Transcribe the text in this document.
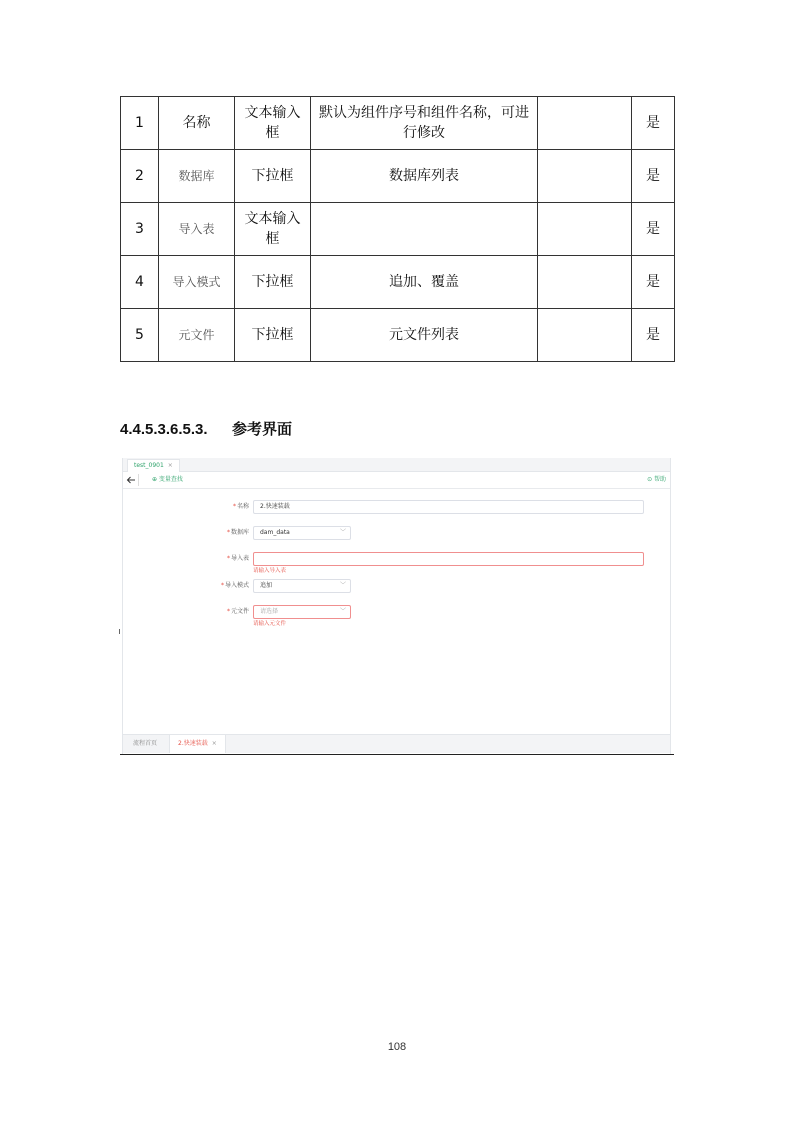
1	名称	文本输入框	默认为组件序号和组件名称，可进行修改		是
2	数据库	下拉框	数据库列表		是
3	导入表	文本输入框			是
4	导入模式	下拉框	追加、覆盖		是
5	元文件	下拉框	元文件列表		是
4.4.5.3.6.5.3. 参考界面
test_0901 ×
⊕ 变量查找	⊙ 帮助
*名称	2.快速装载
*数据库	dam_data	﹀
*导入表
请输入导入表
*导入模式	追加	﹀
*元文件	请选择	﹀
请输入元文件
流程首页	2.快速装载 ×
108
